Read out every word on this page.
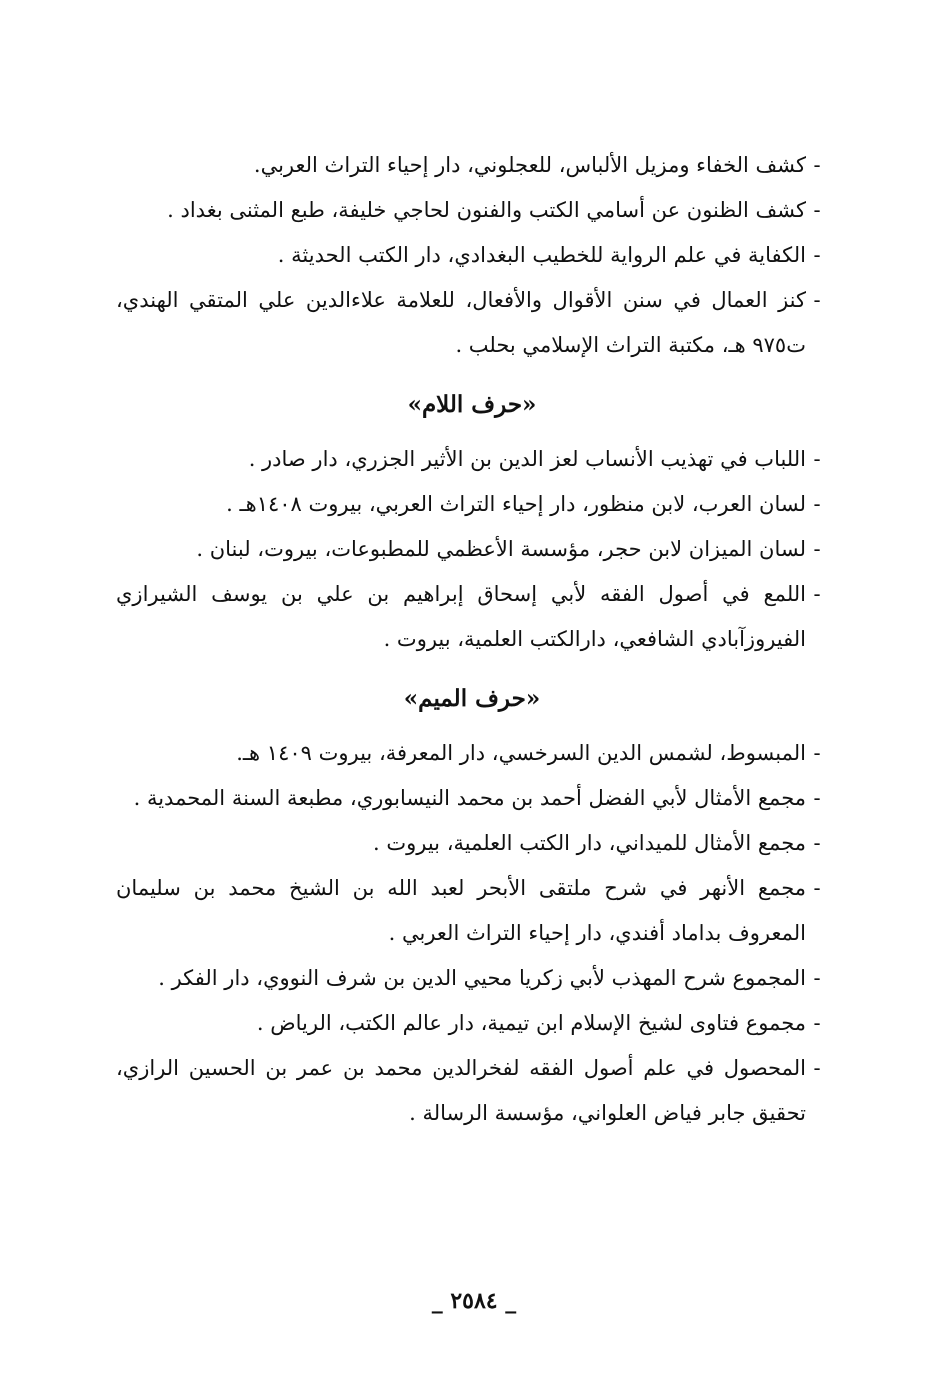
-
كشف الخفاء ومزيل الألباس، للعجلوني، دار إحياء التراث العربي.
-
كشف الظنون عن أسامي الكتب والفنون لحاجي خليفة، طبع المثنى بغداد .
-
الكفاية في علم الرواية للخطيب البغدادي، دار الكتب الحديثة .
-
كنز العمال في سنن الأقوال والأفعال، للعلامة علاءالدين علي المتقي الهندي، ت٩٧٥ هـ، مكتبة التراث الإسلامي بحلب .
«حرف اللام»
-
اللباب في تهذيب الأنساب لعز الدين بن الأثير الجزري، دار صادر .
-
لسان العرب، لابن منظور، دار إحياء التراث العربي، بيروت ١٤٠٨هـ .
-
لسان الميزان لابن حجر، مؤسسة الأعظمي للمطبوعات، بيروت، لبنان .
-
اللمع في أصول الفقه لأبي إسحاق إبراهيم بن علي بن يوسف الشيرازي الفيروزآبادي الشافعي، دارالكتب العلمية، بيروت .
«حرف الميم»
-
المبسوط، لشمس الدين السرخسي، دار المعرفة، بيروت ١٤٠٩ هـ.
-
مجمع الأمثال لأبي الفضل أحمد بن محمد النيسابوري، مطبعة السنة المحمدية .
-
مجمع الأمثال للميداني، دار الكتب العلمية، بيروت .
-
مجمع الأنهر في شرح ملتقى الأبحر لعبد الله بن الشيخ محمد بن سليمان المعروف بداماد أفندي، دار إحياء التراث العربي .
-
المجموع شرح المهذب لأبي زكريا محيي الدين بن شرف النووي، دار الفكر .
-
مجموع فتاوى لشيخ الإسلام ابن تيمية، دار عالم الكتب، الرياض .
-
المحصول في علم أصول الفقه لفخرالدين محمد بن عمر بن الحسين الرازي، تحقيق جابر فياض العلواني، مؤسسة الرسالة .
_ ٢٥٨٤ _
